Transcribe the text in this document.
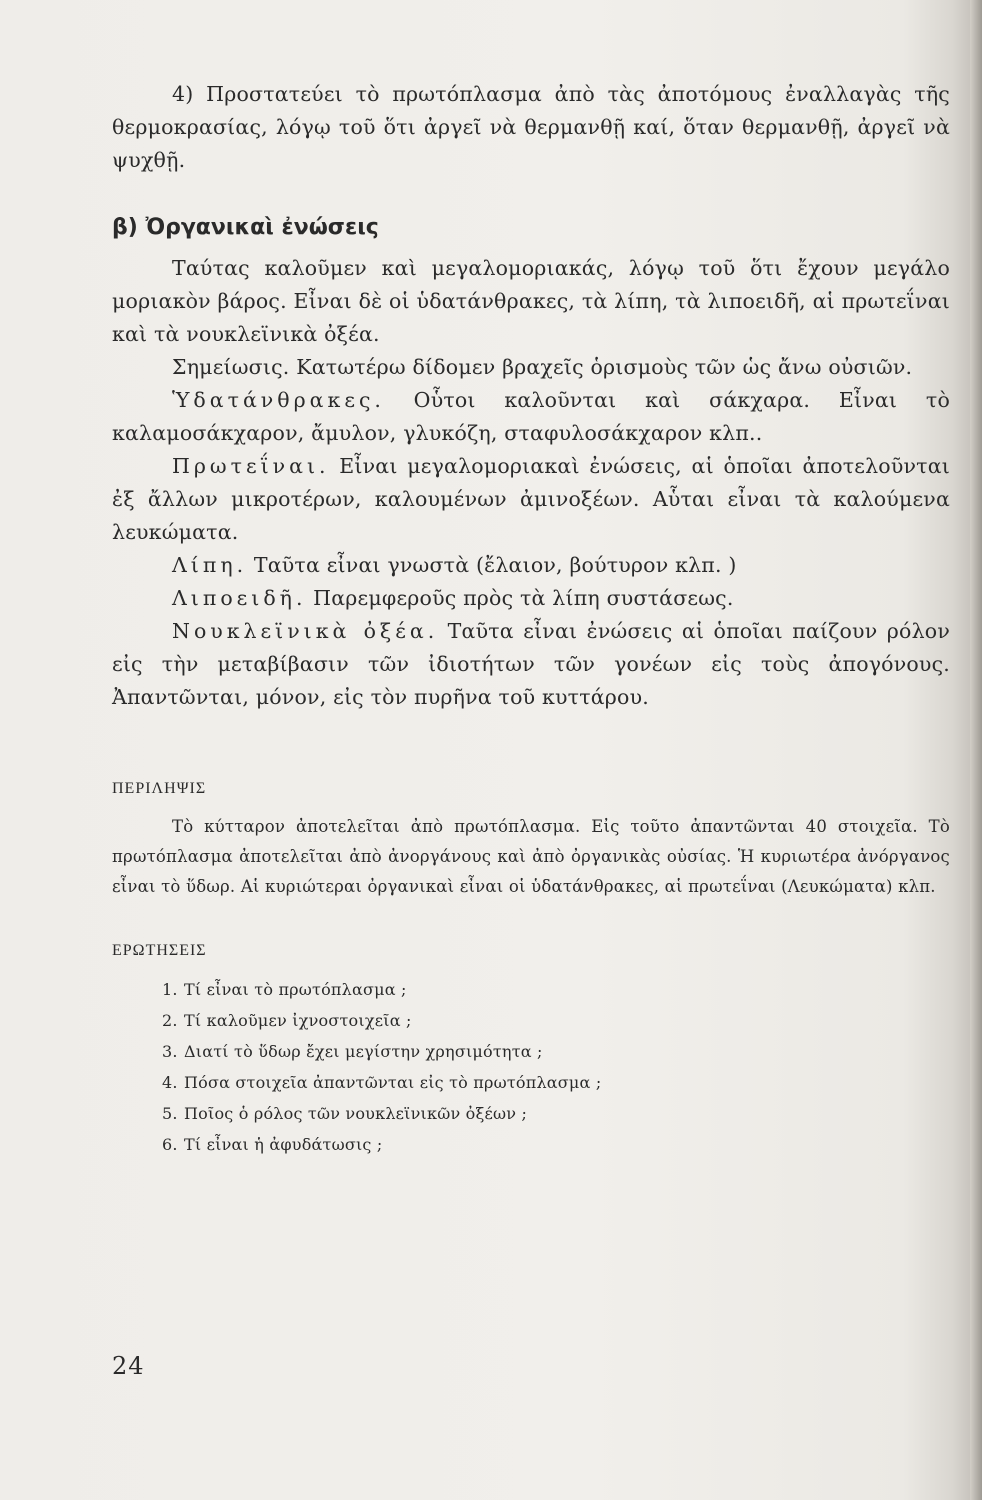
4) Προστατεύει τὸ πρωτόπλασμα ἀπὸ τὰς ἀποτόμους ἐναλλαγὰς τῆς θερμοκρασίας, λόγῳ τοῦ ὅτι ἀργεῖ νὰ θερμανθῇ καί, ὅταν θερμανθῇ, ἀργεῖ νὰ ψυχθῇ.

β) Ὀργανικαὶ ἐνώσεις

Ταύτας καλοῦμεν καὶ μεγαλομοριακάς, λόγῳ τοῦ ὅτι ἔχουν μεγάλο μοριακὸν βάρος. Εἶναι δὲ οἱ ὑδατάνθρακες, τὰ λίπη, τὰ λιποειδῆ, αἱ πρωτεΐναι καὶ τὰ νουκλεϊνικὰ ὀξέα.

Σημείωσις. Κατωτέρω δίδομεν βραχεῖς ὁρισμοὺς τῶν ὡς ἄνω οὐσιῶν.

Ὑδατάνθρακες. Οὗτοι καλοῦνται καὶ σάκχαρα. Εἶναι τὸ καλαμοσάκχαρον, ἄμυλον, γλυκόζη, σταφυλοσάκχαρον κλπ..

Πρωτεΐναι. Εἶναι μεγαλομοριακαὶ ἐνώσεις, αἱ ὁποῖαι ἀποτελοῦνται ἐξ ἄλλων μικροτέρων, καλουμένων ἀμινοξέων. Αὗται εἶναι τὰ καλούμενα λευκώματα.

Λίπη. Ταῦτα εἶναι γνωστὰ (ἔλαιον, βούτυρον κλπ. )

Λιποειδῆ. Παρεμφεροῦς πρὸς τὰ λίπη συστάσεως.

Νουκλεϊνικὰ ὀξέα. Ταῦτα εἶναι ἐνώσεις αἱ ὁποῖαι παίζουν ρόλον εἰς τὴν μεταβίβασιν τῶν ἰδιοτήτων τῶν γονέων εἰς τοὺς ἀπογόνους. Ἀπαντῶνται, μόνον, εἰς τὸν πυρῆνα τοῦ κυττάρου.

ΠΕΡΙΛΗΨΙΣ

Τὸ κύτταρον ἀποτελεῖται ἀπὸ πρωτόπλασμα. Εἰς τοῦτο ἀπαντῶνται 40 στοιχεῖα. Τὸ πρωτόπλασμα ἀποτελεῖται ἀπὸ ἀνοργάνους καὶ ἀπὸ ὀργανικὰς οὐσίας. Ἡ κυριωτέρα ἀνόργανος εἶναι τὸ ὕδωρ. Αἱ κυριώτεραι ὀργανικαὶ εἶναι οἱ ὑδατάνθρακες, αἱ πρωτεΐναι (Λευκώματα) κλπ.

ΕΡΩΤΗΣΕΙΣ

1. Τί εἶναι τὸ πρωτόπλασμα ;
2. Τί καλοῦμεν ἰχνοστοιχεῖα ;
3. Διατί τὸ ὕδωρ ἔχει μεγίστην χρησιμότητα ;
4. Πόσα στοιχεῖα ἀπαντῶνται εἰς τὸ πρωτόπλασμα ;
5. Ποῖος ὁ ρόλος τῶν νουκλεϊνικῶν ὀξέων ;
6. Τί εἶναι ἡ ἀφυδάτωσις ;
24
